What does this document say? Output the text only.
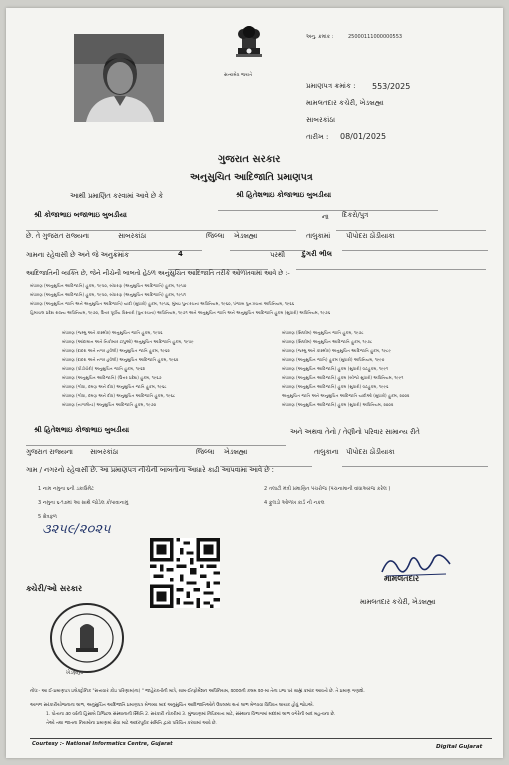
સત્યમેવ જયતે
અનુ. ક્રમાંક :	25000111000000553
પ્રમાણપત્ર ક્રમાંક : 553/2025
મામલતદાર કચેરી, ખેડબ્રહ્મા
સાબરકાંઠા
તારીખ : 08/01/2025
ગુજરાત સરકાર
અનુસુચિત આદિજાતિ પ્રમાણપત્ર
આથી પ્રમાણિત કરવામાં આવે છે કે	શ્રી હિતેશભાઇ કોજાભાઇ બુબડીયા
શ્રી કોજાભાઇ બજાભાઇ બુબડીયા	ના દિકરો/પુત્ર
છે. તે ગુજરાત રાજ્યના	સાબરકાંઠા	જિલ્લા ખેડબ્રહ્મા	તાલુકામાં પીપોદરા ઠોંડીયાકા
ગામના રહેવાસી છે અને જે અનુક્રમાંક	4	પરથી દુંગરી ભીલ
આદિજાતિની વ્યક્તિ છે, જેને નીચેની બાબતો હેઠળ અનુસુચિત આદિજાતિ તરીકે ઓળખવામાં આવે છે :-
બંધારણ (અનુસુચિત આદિજાતિ) હુકમ, ૧૯૫૦, બંધારણ (અનુસુચિત આદિજાતિ) હુકમ, ૧૯૫૦
બંધારણ (અનુસુચિત આદિજાતિ) હુકમ, ૧૯૫૦, બંધારણ (અનુસુચિત આદિજાતિ) હુકમ, ૧૯૫૧
બંધારણ (અનુસુચિત જાતિ અને અનુસુચિત આદિજાતિ) યાદી (સુધારો) હુકમ, ૧૯૫૬, મુંબઇ પુનઃરચના અધિનિયમ, ૧૯૬૦, પંજાબ પુનઃરચના અધિનિયમ, ૧૯૬૬
હિમાચલ પ્રદેશ રાજ્ય અધિનિયમ, ૧૯૭૦, ઉત્તર પૂર્વીય વિસ્તારો (પુનઃરચના) અધિનિયમ, ૧૯૭૧ અને અનુસુચિત જાતિ અને અનુસુચિત આદિજાતિ હુકમ (સુધારો) અધિનિયમ, ૧૯૭૬
બંધારણ (જમ્મુ અને કાશ્મીર) અનુસુચિત જાતિ હુકમ, ૧૯૫૬
બંધારણ (આંદામાન અને નિકોબાર ટાપુઓ) અનુસુચિત આદિજાતિ હુકમ, ૧૯૫૯
બંધારણ (દાદરા અને નગર હવેલી) અનુસુચિત જાતિ હુકમ, ૧૯૬૨
બંધારણ (દાદરા અને નગર હવેલી) અનુસુચિત આદિજાતિ હુકમ, ૧૯૬૨
બંધારણ (પોંડીચેરી) અનુસુચિત જાતિ હુકમ, ૧૯૬૪
બંધારણ (અનુસુચિત આદિજાતિ) (ઉત્તર પ્રદેશ) હુકમ, ૧૯૬૭
બંધારણ (ગોવા, દમણ અને દીવ) અનુસુચિત જાતિ હુકમ, ૧૯૬૮
બંધારણ (ગોવા, દમણ અને દીવ) અનુસુચિત આદિજાતિ હુકમ, ૧૯૬૮
બંધારણ (નાગાલેન્ડ) અનુસુચિત આદિજાતિ હુકમ, ૧૯૭૦
બંધારણ (સિક્કીમ) અનુસુચિત જાતિ હુકમ, ૧૯૭૮
બંધારણ (સિક્કીમ) અનુસુચિત આદિજાતિ હુકમ, ૧૯૭૮
બંધારણ (જમ્મુ અને કાશ્મીર) અનુસુચિત આદિજાતિ હુકમ, ૧૯૮૯
બંધારણ (અનુસુચિત જાતિ) હુકમ (સુધારો) અધિનિયમ, ૧૯૯૦
બંધારણ (અનુસુચિત આદિજાતિ) હુકમ (સુધારો) વટહુકમ, ૧૯૯૧
બંધારણ (અનુસુચિત આદિજાતિ) હુકમ (બીજો સુધારો) અધિનિયમ, ૧૯૯૧
બંધારણ (અનુસુચિત આદિજાતિ) હુકમ (સુધારો) વટહુકમ, ૧૯૯૬
અનુસુચિત જાતિ અને અનુસુચિત આદિજાતિ યાદીઓ (સુધારો) હુકમ, ૨૦૦૨
બંધારણ (અનુસુચિત આદિજાતિ) હુકમ (સુધારો) અધિનિયમ, ૨૦૦૨
શ્રી હિતેશભાઇ કોજાભાઇ બુબડીયા	અને અથવા તેનો / તેણીનો પરિવાર સામાન્ય રીતે
ગુજરાત રાજ્યના	સાબરકાંઠા	જિલ્લા ખેડબ્રહ્મા	તાલુકાના પીપોદરા ઠોંડીયાકા
ગામ / નગરનો રહેવાસી છે. આ પ્રમાણપત્ર નીચેની બાબતોના આધારે કાઢી આપવામાં આવે છે :
1 નામ નમુના ૬ની ડકાઉમેંટ	2 તલાટી મંત્રી પ્રમાણિત પંચરોજ (પંચનામાની વાંધાઅરજ કરેલ )
3 નમુના ૬-૧૭માં આ સાથે જોડેલ કોપાવાનામું	4 ફુલડો ઓળખ કાર્ડ ની નકલ
5 ક્ષેત્રફળ
૩૨૫૯/૨૦૨૫
ક્ચેરી/ઓ સરકાર
ખેડબ્રહ્મા
મામલતદાર
મામલતદાર કચેરી, ખેડબ્રહ્મા
નોંધ:- આ ઈ-પ્રમાણપત્ર ઇલેક્ટ્રોનિક "સત્તાવાર કોઇ પરિણામ(ના) " જાહેરકર્તાની માત્રે, ગ્રામ-ઈન્ફોર્મેશન અધિનિયમ, ૨૦૦૦ની કલમ ૨૦-મા તેના ઇજ પર ગ્રાહ્ય ક્રમાંક આવતો છે. તે પ્રમાણ ગણાશે.
આગળ સરકારીયોજનાના લાભ, અનુસુચિત આદિજાતિ પ્રમાણપત્ર મેળવ્યા બાદ અનુસુચિત આદિજાતિઓને ઉપલબ્ધ થતાં લાભ મેળવવા વિધિવત લાયક હોવું જોઇએ.
1. પોતાના ૩૦ વર્ષની હિસાબે ડિજિટલ સંસ્થાનાની સ્થિતિ 2. સરકારી નોકરીમાં 3. મુંજવણમાં નિષ્ક્રિયતા માટે, સંસ્થાના વિભાગમાં મદદમાં લાભ વગેરેની બાદ મહત્વના છે.
તેઓ તથા જાતના નિયમોના પ્રમાણમાં સેવા માટે આદરપૂર્વક સમિતિ દ્વારા પરિચિત કરવામાં આવે છે.
Courtesy :- National Informatics Centre, Gujarat	Digital Gujarat
